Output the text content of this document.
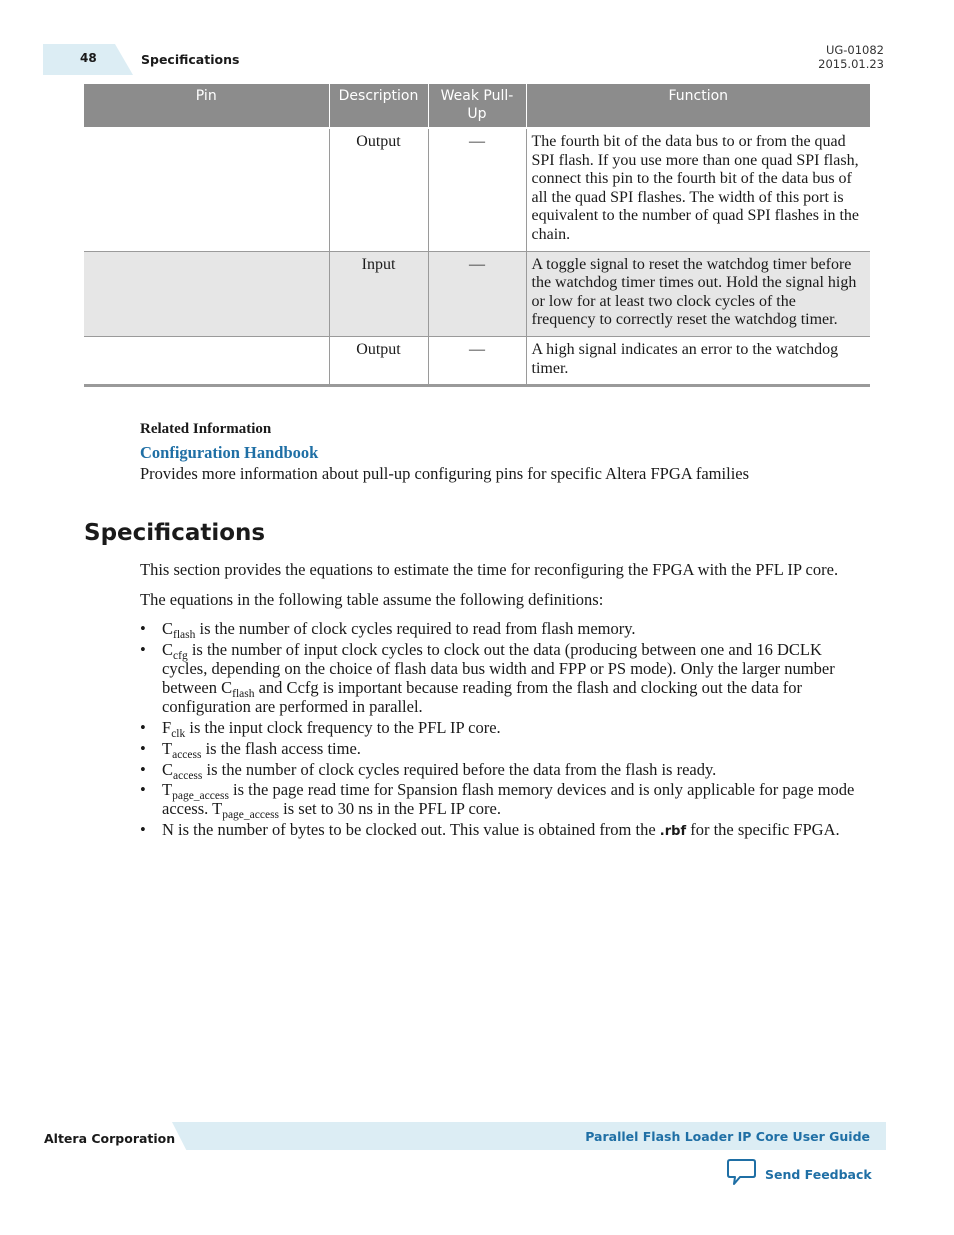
48	Specifications
UG-01082
2015.01.23
Pin	Description	Weak Pull-Up	Function
	Output	—	The fourth bit of the data bus to or from the quad SPI flash. If you use more than one quad SPI flash, connect this pin to the fourth bit of the data bus of all the quad SPI flashes. The width of this port is equivalent to the number of quad SPI flashes in the chain.
	Input	—	A toggle signal to reset the watchdog timer before the watchdog timer times out. Hold the signal high or low for at least two clock cycles of thefrequency to correctly reset the watchdog timer.
	Output	—	A high signal indicates an error to the watchdog timer.
Related Information
Configuration Handbook
Provides more information about pull-up configuring pins for specific Altera FPGA families
Specifications

This section provides the equations to estimate the time for reconfiguring the FPGA with the PFL IP core.

The equations in the following table assume the following definitions:

• $C_{flash}$ is the number of clock cycles required to read from flash memory.
• $C_{cfg}$ is the number of input clock cycles to clock out the data (producing between one and 16 DCLK cycles, depending on the choice of flash data bus width and FPP or PS mode). Only the larger number between $C_{flash}$ and Ccfg is important because reading from the flash and clocking out the data for configuration are performed in parallel.
• $F_{clk}$ is the input clock frequency to the PFL IP core.
• $T_{access}$ is the flash access time.
• $C_{access}$ is the number of clock cycles required before the data from the flash is ready.
• $T_{page\_access}$ is the page read time for Spansion flash memory devices and is only applicable for page mode access. $T_{page\_access}$ is set to 30 ns in the PFL IP core.
• N is the number of bytes to be clocked out. This value is obtained from the .rbf for the specific FPGA.
Altera Corporation	Parallel Flash Loader IP Core User Guide
Send Feedback
